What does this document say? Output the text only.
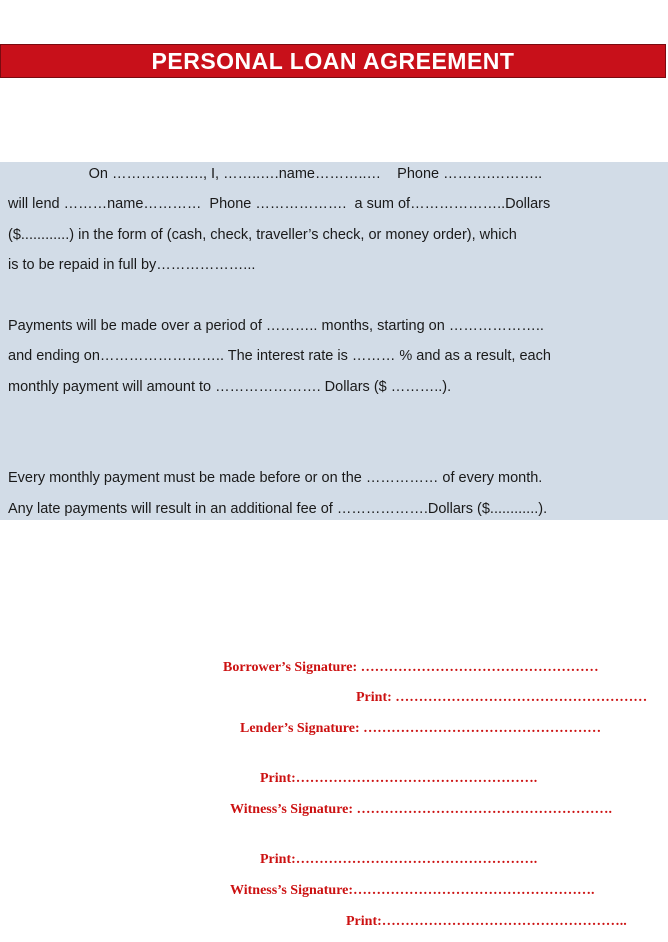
PERSONAL LOAN AGREEMENT
On ………………., I, ……..….name………..…    Phone ……….………..
will lend ………name…………  Phone ……………….  a sum of………………..Dollars
($............) in the form of (cash, check, traveller’s check, or money order), which
is to be repaid in full by………………...
Payments will be made over a period of ……….. months, starting on ………………..
and ending on…………………….. The interest rate is ……… % and as a result, each
monthly payment will amount to …………………. Dollars ($ ………..).
Every monthly payment must be made before or on the …………… of every month.
Any late payments will result in an additional fee of ……………….Dollars ($............).
Borrower’s Signature: ……………………………………………
Print: ………………………………………………
Lender’s Signature: ……………………………………………
Print:…………………………………………….
Witness’s Signature: ……………………………………………….
Print:…………………………………………….
Witness’s Signature:…………………………………………….
Print:……………………………………………..
